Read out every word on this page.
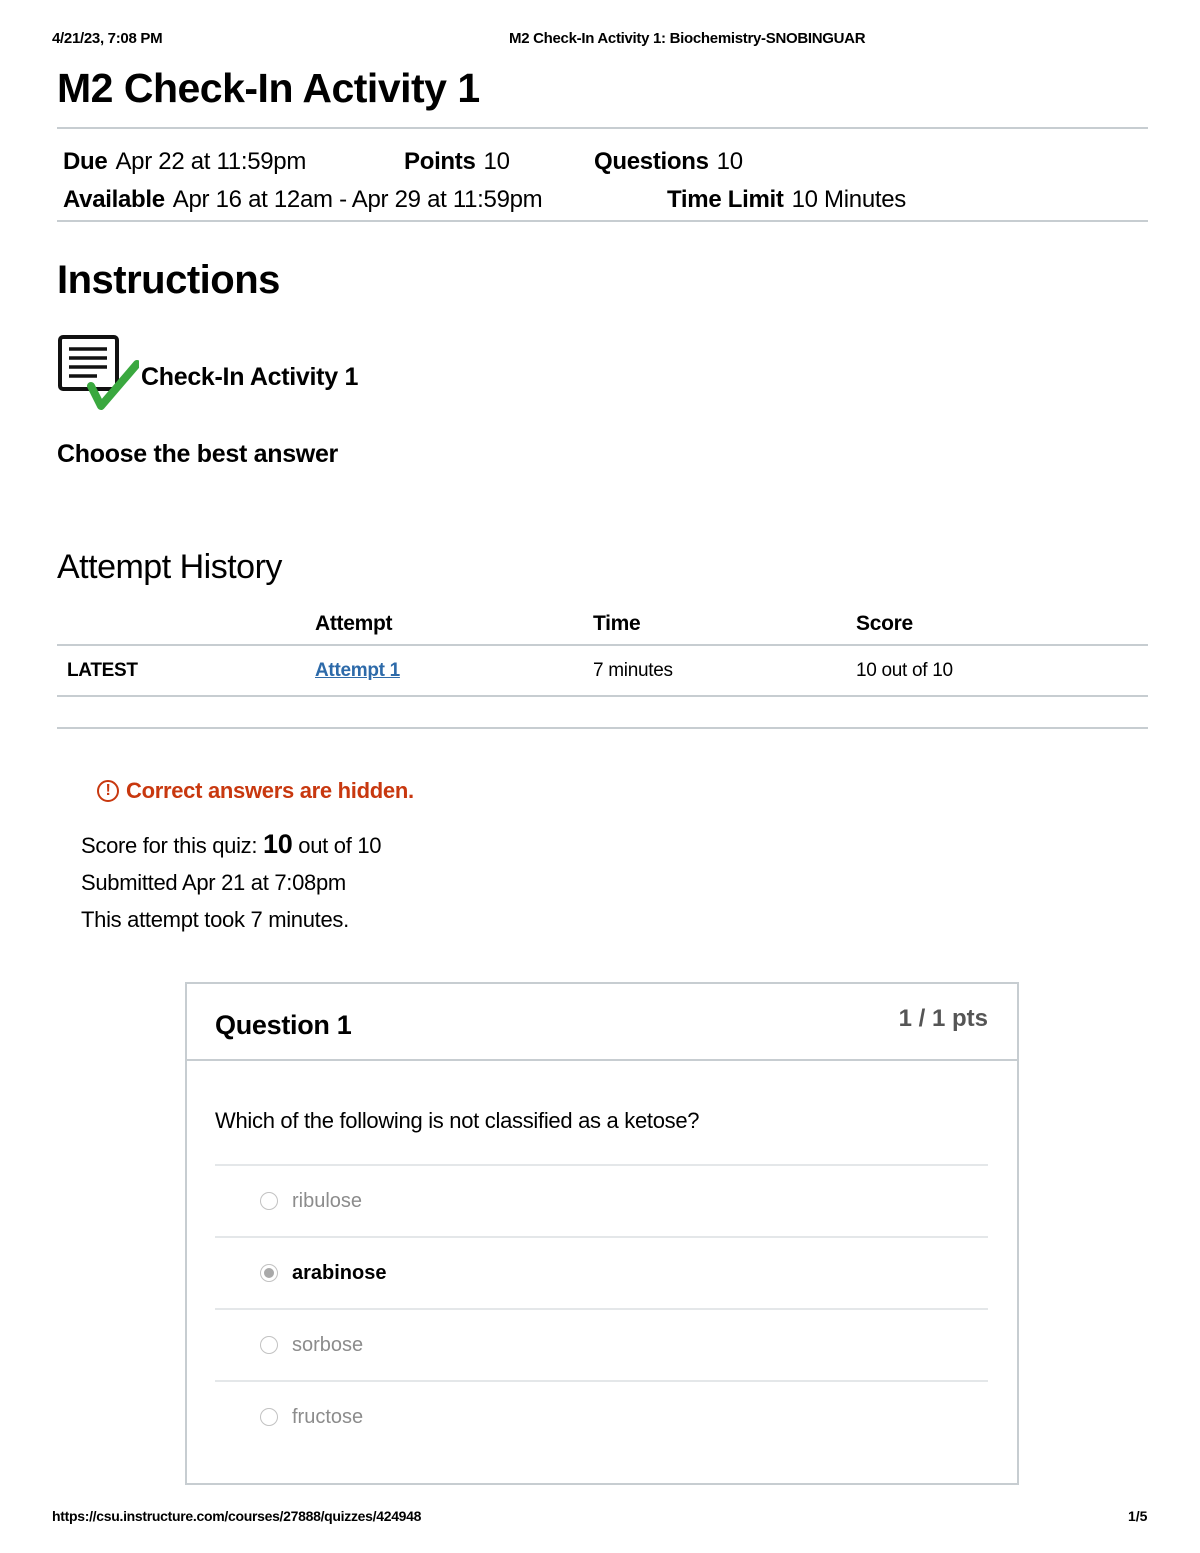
4/21/23, 7:08 PM	M2 Check-In Activity 1: Biochemistry-SNOBINGUAR
M2 Check-In Activity 1
Due Apr 22 at 11:59pm	Points 10	Questions 10
Available Apr 16 at 12am - Apr 29 at 11:59pm	Time Limit 10 Minutes
Instructions
Check-In Activity 1
Choose the best answer
Attempt History
	Attempt	Time	Score
LATEST	Attempt 1	7 minutes	10 out of 10
! Correct answers are hidden.
Score for this quiz: 10 out of 10
Submitted Apr 21 at 7:08pm
This attempt took 7 minutes.
Question 1	1 / 1 pts
Which of the following is not classified as a ketose?
ribulose
arabinose
sorbose
fructose
https://csu.instructure.com/courses/27888/quizzes/424948	1/5
